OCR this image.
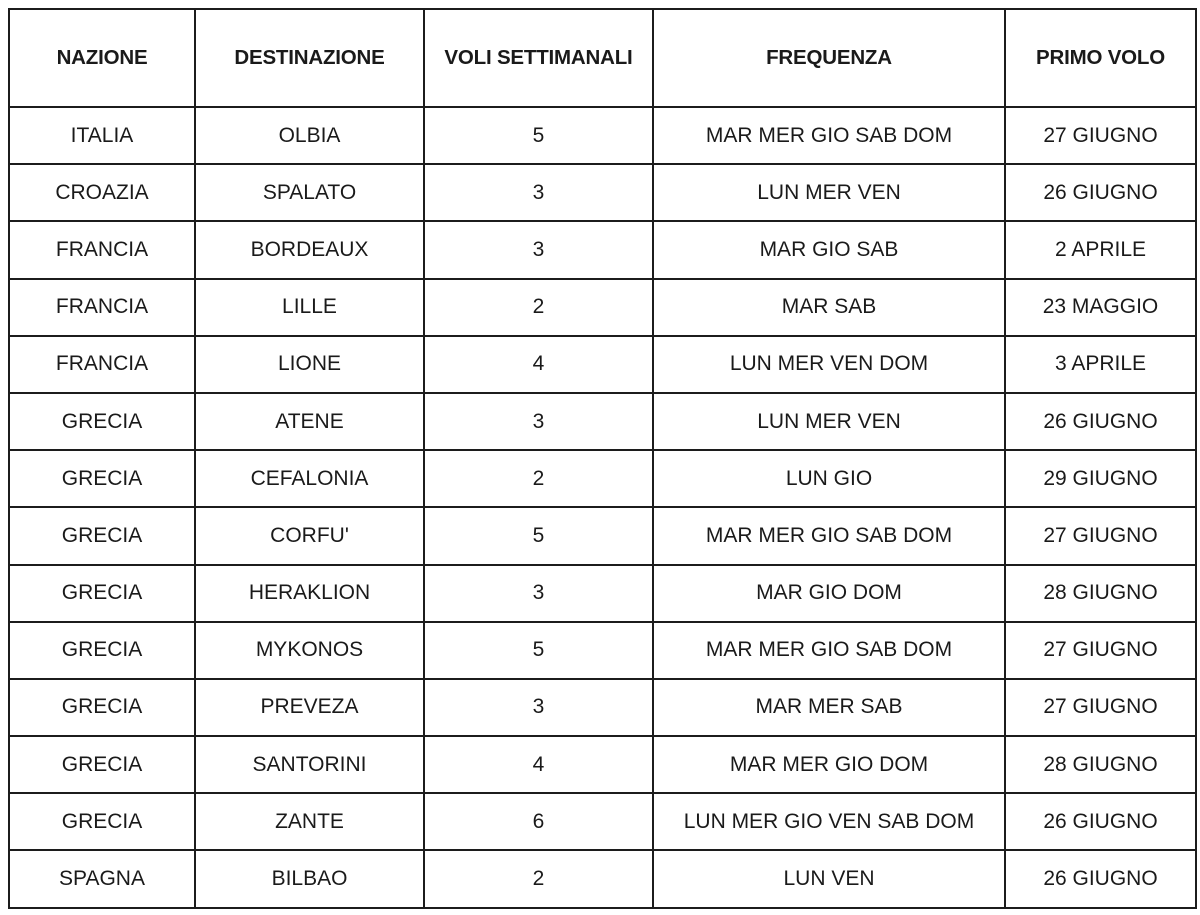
NAZIONE	DESTINAZIONE	VOLI SETTIMANALI	FREQUENZA	PRIMO VOLO
ITALIA	OLBIA	5	MAR MER GIO SAB DOM	27 GIUGNO
CROAZIA	SPALATO	3	LUN MER VEN	26 GIUGNO
FRANCIA	BORDEAUX	3	MAR GIO SAB	2 APRILE
FRANCIA	LILLE	2	MAR SAB	23 MAGGIO
FRANCIA	LIONE	4	LUN MER VEN DOM	3 APRILE
GRECIA	ATENE	3	LUN MER VEN	26 GIUGNO
GRECIA	CEFALONIA	2	LUN GIO	29 GIUGNO
GRECIA	CORFU'	5	MAR MER GIO SAB DOM	27 GIUGNO
GRECIA	HERAKLION	3	MAR GIO DOM	28 GIUGNO
GRECIA	MYKONOS	5	MAR MER GIO SAB DOM	27 GIUGNO
GRECIA	PREVEZA	3	MAR MER SAB	27 GIUGNO
GRECIA	SANTORINI	4	MAR MER GIO DOM	28 GIUGNO
GRECIA	ZANTE	6	LUN MER GIO VEN SAB DOM	26 GIUGNO
SPAGNA	BILBAO	2	LUN VEN	26 GIUGNO
